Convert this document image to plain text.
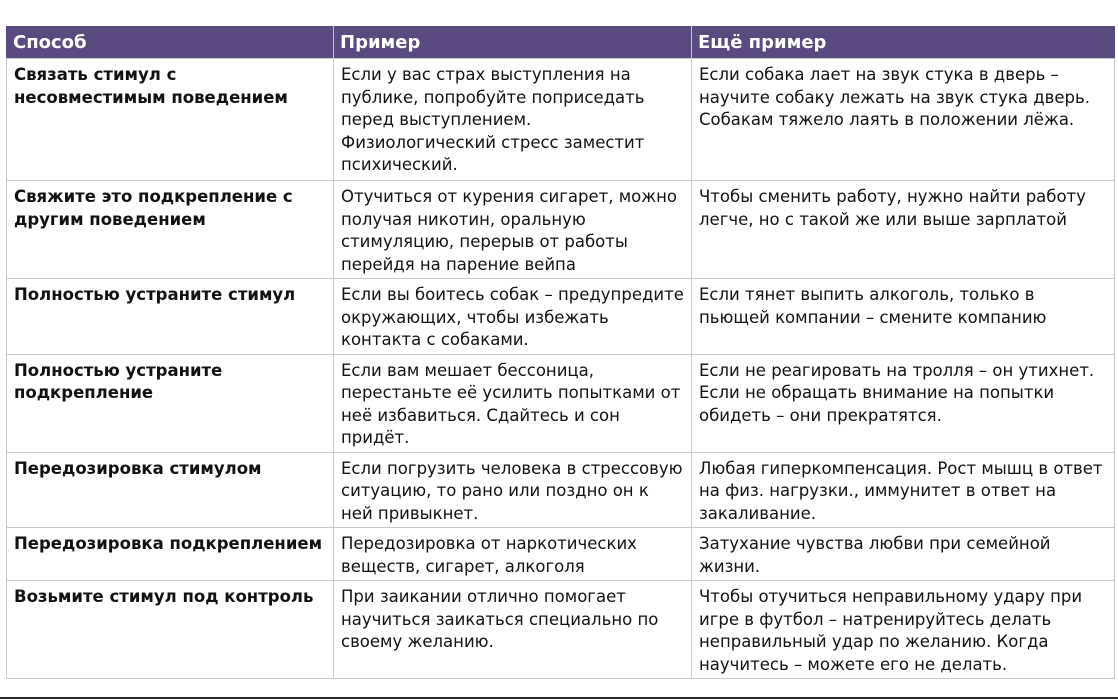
Способ	Пример	Ещё пример
Связать стимул с несовместимым поведением	Если у вас страх выступления на публике, попробуйте поприседать перед выступлением. Физиологический стресс заместит психический.	Если собака лает на звук стука в дверь – научите собаку лежать на звук стука дверь. Собакам тяжело лаять в положении лёжа.
Свяжите это подкрепление с другим поведением	Отучиться от курения сигарет, можно получая никотин, оральную стимуляцию, перерыв от работы перейдя на парение вейпа	Чтобы сменить работу, нужно найти работу легче, но с такой же или выше зарплатой
Полностью устраните стимул	Если вы боитесь собак – предупредите окружающих, чтобы избежать контакта с собаками.	Если тянет выпить алкоголь, только в пьющей компании – смените компанию
Полностью устраните подкрепление	Если вам мешает бессоница, перестаньте её усилить попытками от неё избавиться. Сдайтесь и сон придёт.	Если не реагировать на тролля – он утихнет. Если не обращать внимание на попытки обидеть – они прекратятся.
Передозировка стимулом	Если погрузить человека в стрессовую ситуацию, то рано или поздно он к ней привыкнет.	Любая гиперкомпенсация. Рост мышц в ответ на физ. нагрузки., иммунитет в ответ на закаливание.
Передозировка подкреплением	Передозировка от наркотических веществ, сигарет, алкоголя	Затухание чувства любви при семейной жизни.
Возьмите стимул под контроль	При заикании отлично помогает научиться заикаться специально по своему желанию.	Чтобы отучиться неправильному удару при игре в футбол – натренируйтесь делать неправильный удар по желанию. Когда научитесь – можете его не делать.
